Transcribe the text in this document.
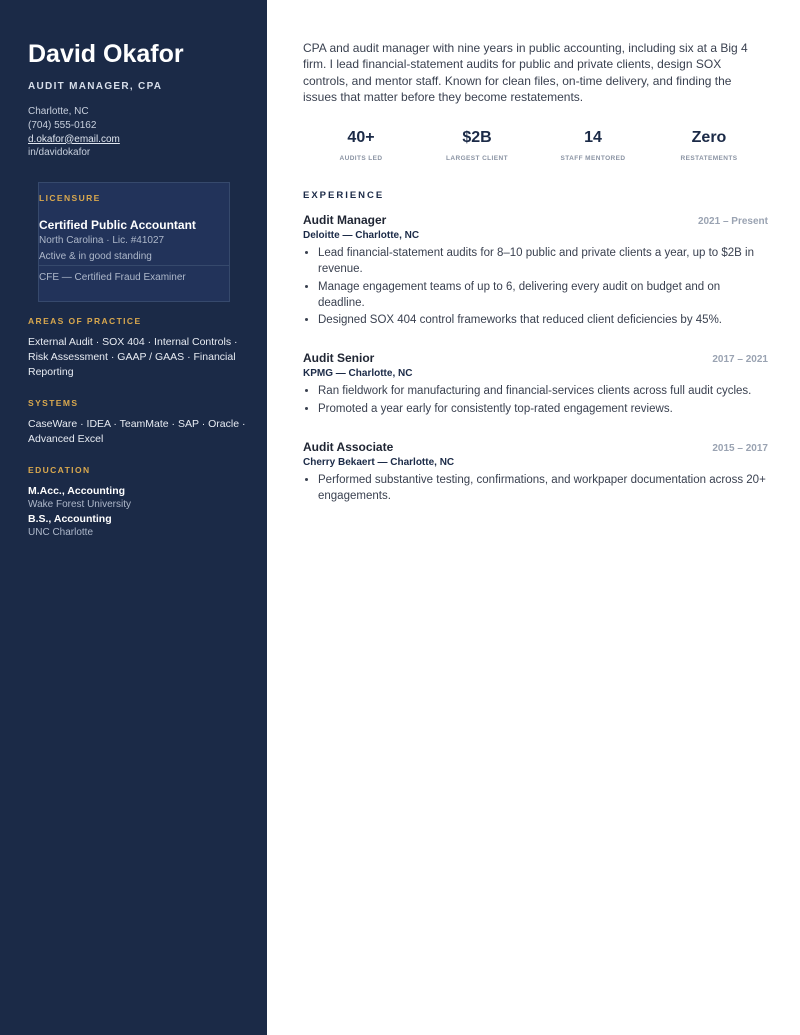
David Okafor
AUDIT MANAGER, CPA
Charlotte, NC
(704) 555-0162
d.okafor@email.com
in/davidokafor
LICENSURE
Certified Public Accountant
North Carolina · Lic. #41027
Active & in good standing
CFE — Certified Fraud Examiner
AREAS OF PRACTICE
External Audit · SOX 404 · Internal Controls · Risk Assessment · GAAP / GAAS · Financial Reporting
SYSTEMS
CaseWare · IDEA · TeamMate · SAP · Oracle · Advanced Excel
EDUCATION
M.Acc., Accounting
Wake Forest University
B.S., Accounting
UNC Charlotte

CPA and audit manager with nine years in public accounting, including six at a Big 4 firm. I lead financial-statement audits for public and private clients, design SOX controls, and mentor staff. Known for clean files, on-time delivery, and finding the issues that matter before they become restatements.

40+
AUDITS LED
$2B
LARGEST CLIENT
14
STAFF MENTORED
Zero
RESTATEMENTS
EXPERIENCE
Audit Manager	2021 – Present
Deloitte — Charlotte, NC
• Lead financial-statement audits for 8–10 public and private clients a year, up to $2B in revenue.
• Manage engagement teams of up to 6, delivering every audit on budget and on deadline.
• Designed SOX 404 control frameworks that reduced client deficiencies by 45%.
Audit Senior	2017 – 2021
KPMG — Charlotte, NC
• Ran fieldwork for manufacturing and financial-services clients across full audit cycles.
• Promoted a year early for consistently top-rated engagement reviews.
Audit Associate	2015 – 2017
Cherry Bekaert — Charlotte, NC
• Performed substantive testing, confirmations, and workpaper documentation across 20+ engagements.
